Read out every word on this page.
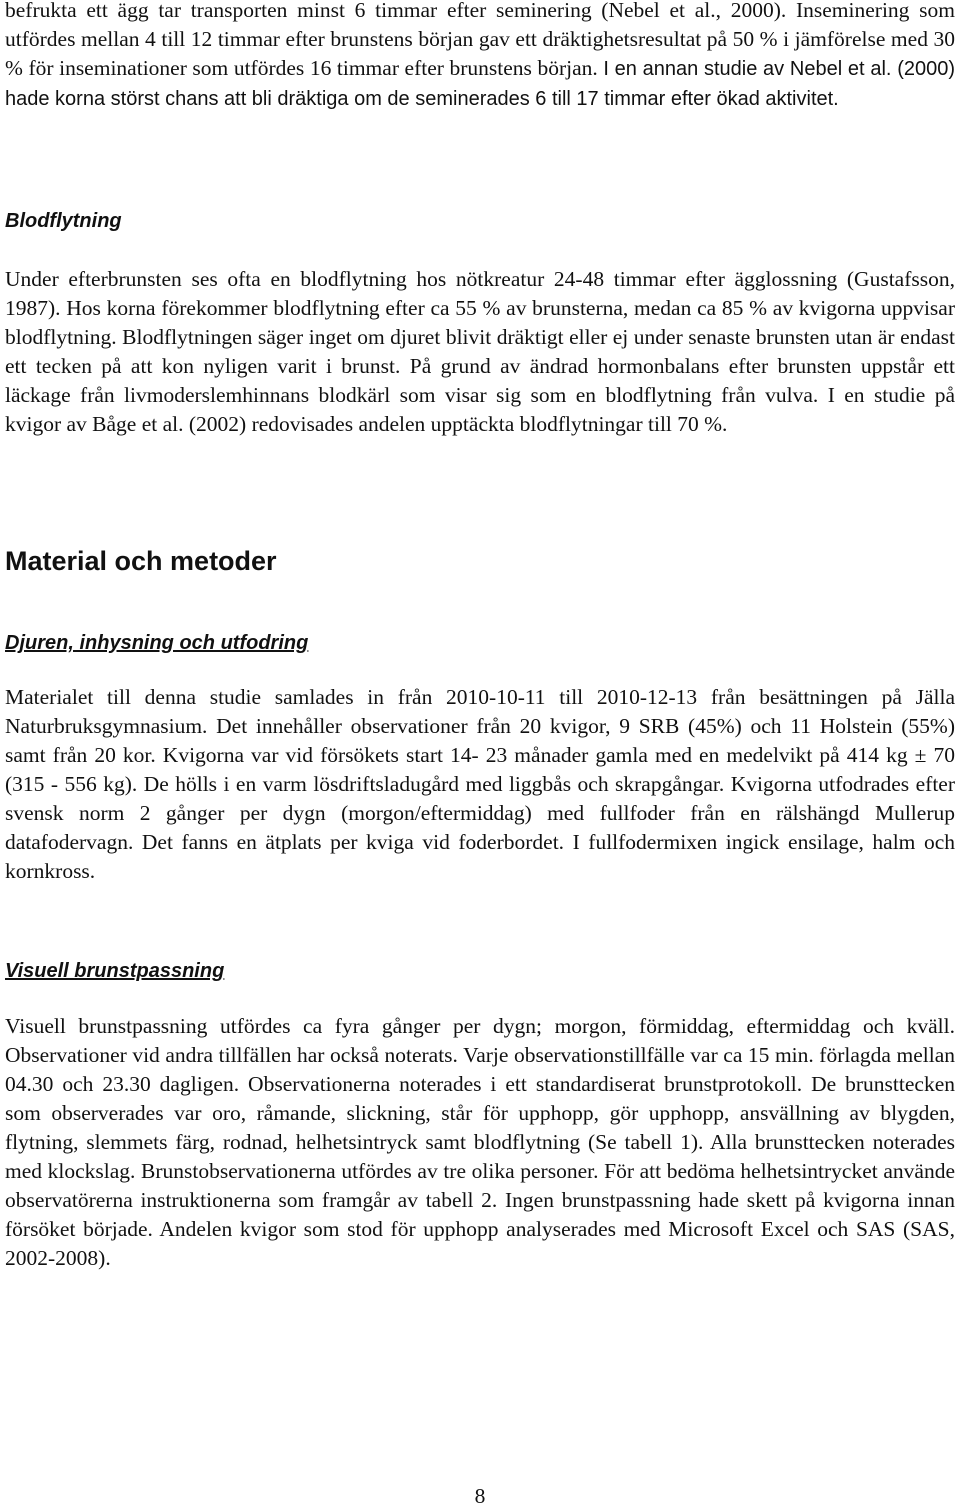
befrukta ett ägg tar transporten minst 6 timmar efter seminering (Nebel et al., 2000). Inseminering som utfördes mellan 4 till 12 timmar efter brunstens början gav ett dräktighetsresultat på 50 % i jämförelse med 30 % för inseminationer som utfördes 16 timmar efter brunstens början. I en annan studie av Nebel et al. (2000) hade korna störst chans att bli dräktiga om de seminerades 6 till 17 timmar efter ökad aktivitet.

Blodflytning

Under efterbrunsten ses ofta en blodflytning hos nötkreatur 24-48 timmar efter ägglossning (Gustafsson, 1987). Hos korna förekommer blodflytning efter ca 55 % av brunsterna, medan ca 85 % av kvigorna uppvisar blodflytning. Blodflytningen säger inget om djuret blivit dräktigt eller ej under senaste brunsten utan är endast ett tecken på att kon nyligen varit i brunst. På grund av ändrad hormonbalans efter brunsten uppstår ett läckage från livmoderslemhinnans blodkärl som visar sig som en blodflytning från vulva. I en studie på kvigor av Båge et al. (2002) redovisades andelen upptäckta blodflytningar till 70 %.

Material och metoder
Djuren, inhysning och utfodring

Materialet till denna studie samlades in från 2010-10-11 till 2010-12-13 från besättningen på Jälla Naturbruksgymnasium. Det innehåller observationer från 20 kvigor, 9 SRB (45%) och 11 Holstein (55%) samt från 20 kor. Kvigorna var vid försökets start 14- 23 månader gamla med en medelvikt på 414 kg ± 70 (315 - 556 kg). De hölls i en varm lösdriftsladugård med liggbås och skrapgångar. Kvigorna utfodrades efter svensk norm 2 gånger per dygn (morgon/eftermiddag) med fullfoder från en rälshängd Mullerup datafodervagn. Det fanns en ätplats per kviga vid foderbordet. I fullfodermixen ingick ensilage, halm och kornkross.

Visuell brunstpassning

Visuell brunstpassning utfördes ca fyra gånger per dygn; morgon, förmiddag, eftermiddag och kväll. Observationer vid andra tillfällen har också noterats. Varje observationstillfälle var ca 15 min. förlagda mellan 04.30 och 23.30 dagligen. Observationerna noterades i ett standardiserat brunstprotokoll. De brunsttecken som observerades var oro, råmande, slickning, står för upphopp, gör upphopp, ansvällning av blygden, flytning, slemmets färg, rodnad, helhetsintryck samt blodflytning (Se tabell 1). Alla brunsttecken noterades med klockslag. Brunstobservationerna utfördes av tre olika personer. För att bedöma helhetsintrycket använde observatörerna instruktionerna som framgår av tabell 2. Ingen brunstpassning hade skett på kvigorna innan försöket började. Andelen kvigor som stod för upphopp analyserades med Microsoft Excel och SAS (SAS, 2002-2008).

8
